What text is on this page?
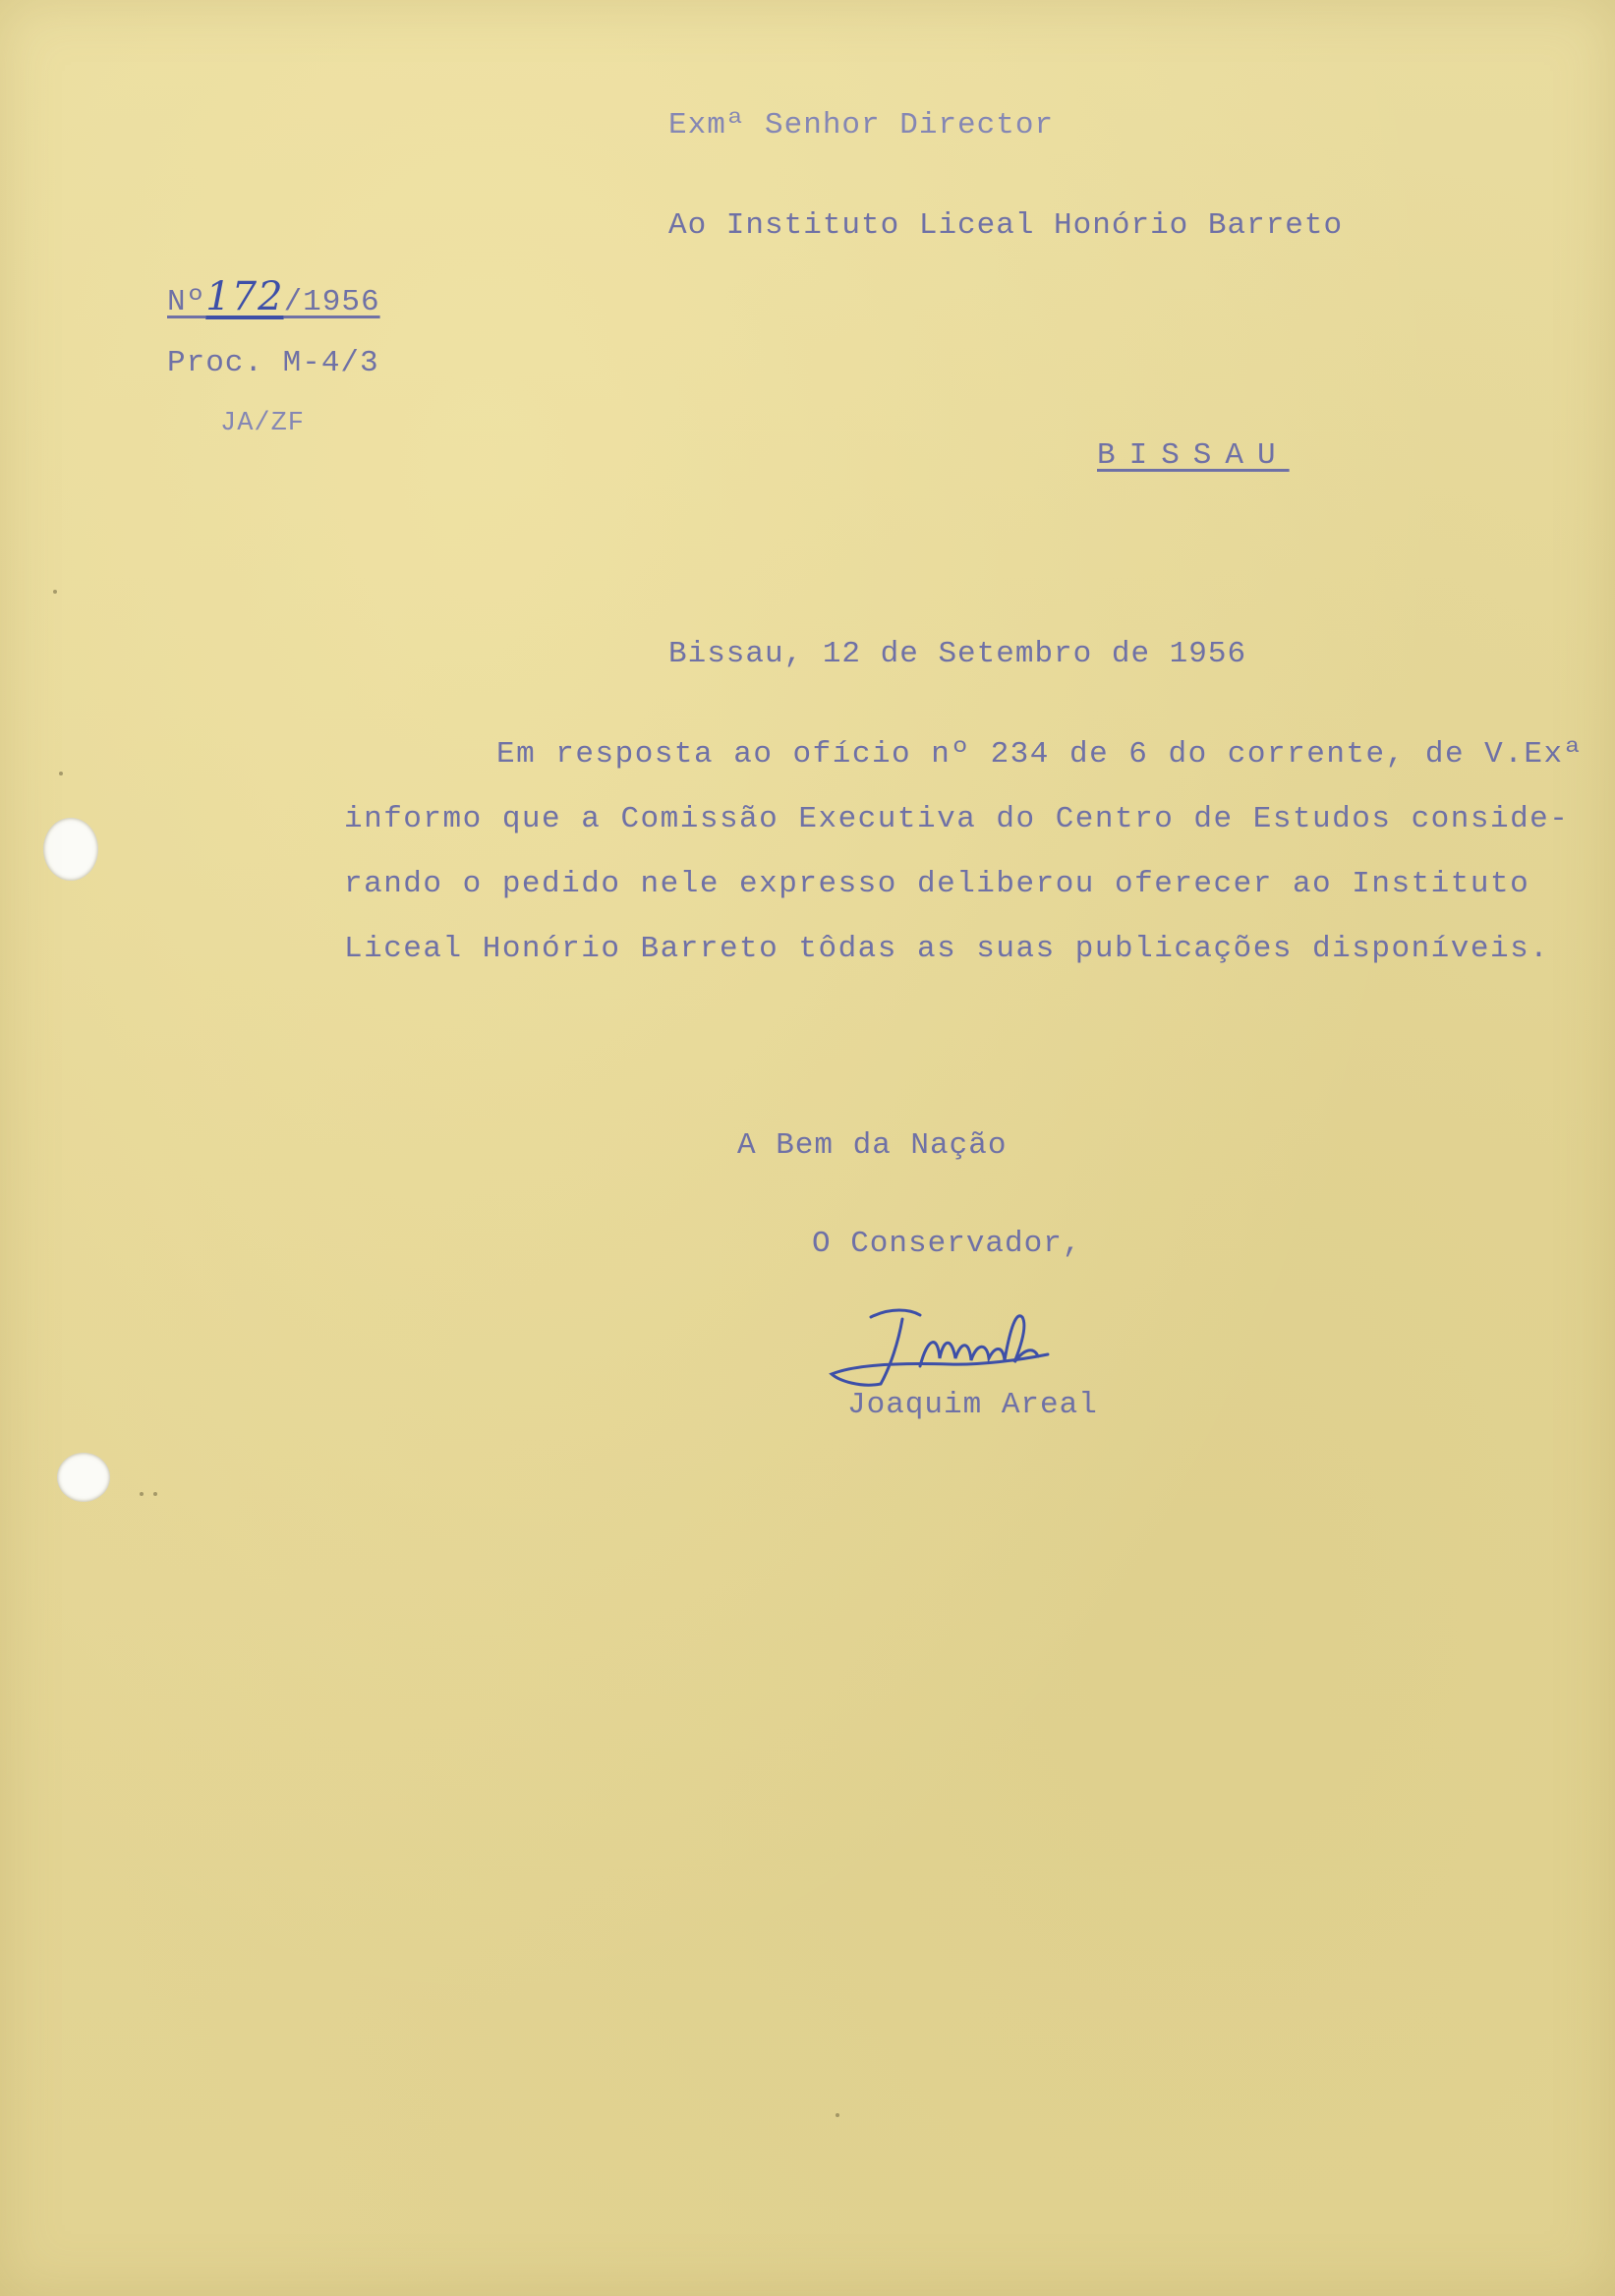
Exmª Senhor Director
Ao Instituto Liceal Honório Barreto
Nº172/1956
Proc. M-4/3
JA/ZF
BISSAU
Bissau, 12 de Setembro de 1956
Em resposta ao ofício nº 234 de 6 do corrente, de V.Exª
informo que a Comissão Executiva do Centro de Estudos conside-
rando o pedido nele expresso deliberou oferecer ao Instituto
Liceal Honório Barreto tôdas as suas publicações disponíveis.
A Bem da Nação
O Conservador,
Joaquim Areal
